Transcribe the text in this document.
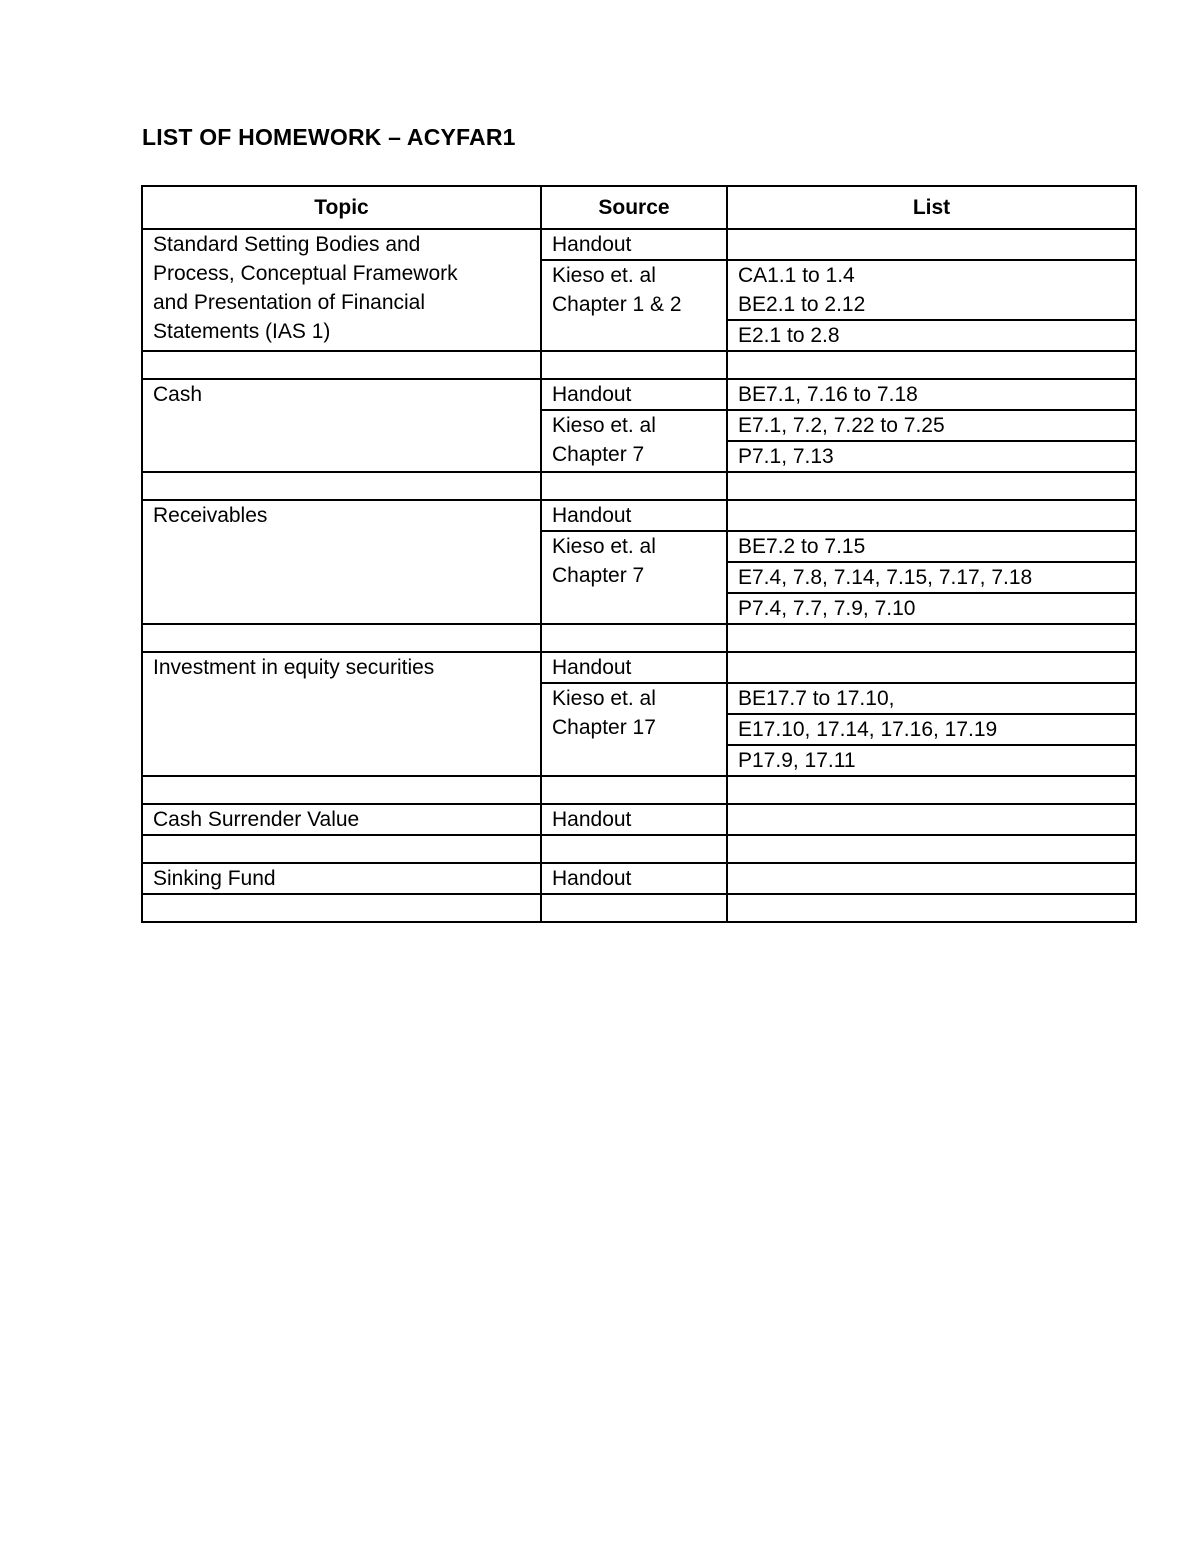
LIST OF HOMEWORK – ACYFAR1
Topic	Source	List

Standard Setting Bodies and
Process, Conceptual Framework
and Presentation of Financial
Statements (IAS 1)	Handout	

	Kieso et. al
Chapter 1 & 2	CA1.1 to 1.4
		BE2.1 to 2.12
		E2.1 to 2.8

Cash	Handout	BE7.1, 7.16 to 7.18

	Kieso et. al
Chapter 7	E7.1, 7.2, 7.22 to 7.25
		P7.1, 7.13

Receivables	Handout	

	Kieso et. al
Chapter 7	BE7.2 to 7.15
		E7.4, 7.8, 7.14, 7.15, 7.17, 7.18
		P7.4, 7.7, 7.9, 7.10

Investment in equity securities	Handout	

	Kieso et. al
Chapter 17	BE17.7 to 17.10,
		E17.10, 17.14, 17.16, 17.19
		P17.9, 17.11

Cash Surrender Value	Handout	

Sinking Fund	Handout	
